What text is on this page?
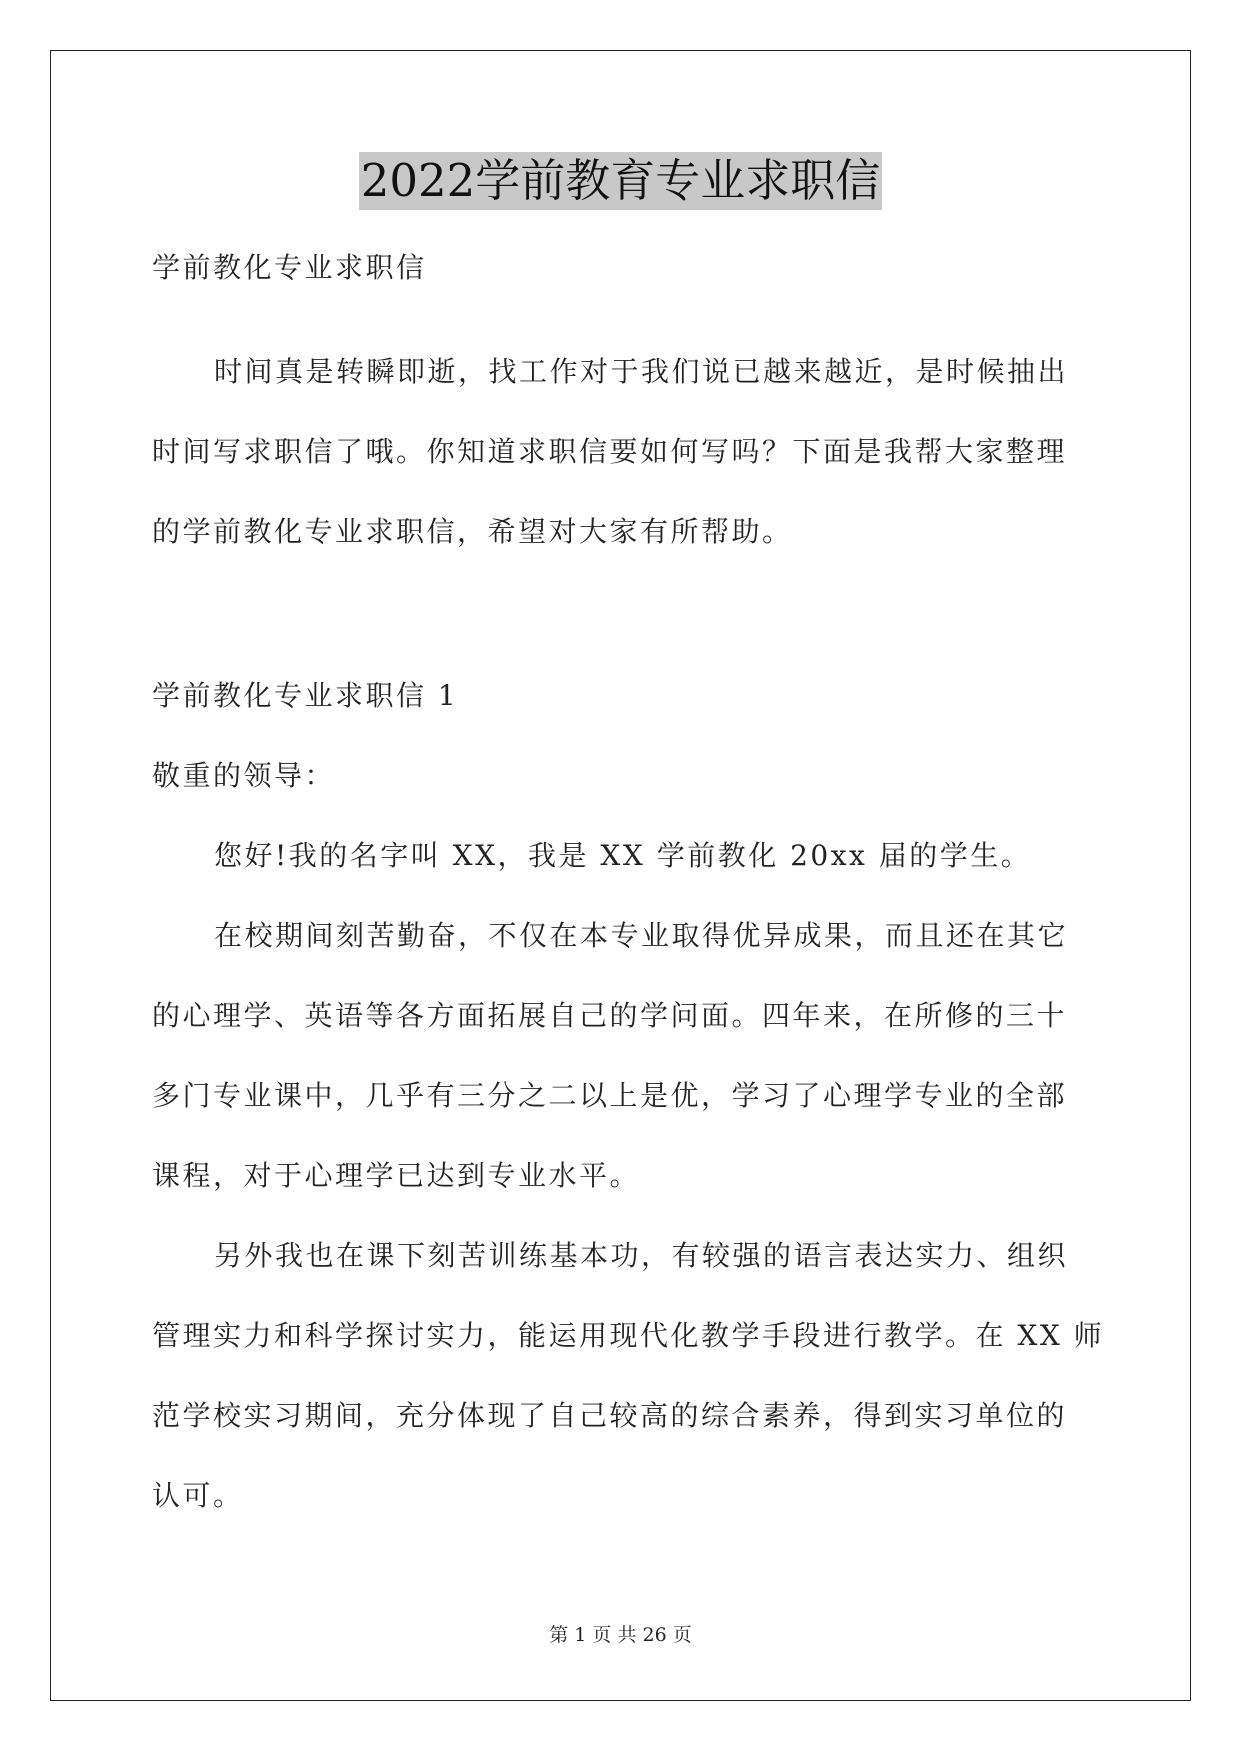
2022学前教育专业求职信
学前教化专业求职信
时间真是转瞬即逝，找工作对于我们说已越来越近，是时候抽出
时间写求职信了哦。你知道求职信要如何写吗？下面是我帮大家整理
的学前教化专业求职信，希望对大家有所帮助。
学前教化专业求职信 1
敬重的领导：
您好!我的名字叫 XX，我是 XX 学前教化 20xx 届的学生。
在校期间刻苦勤奋，不仅在本专业取得优异成果，而且还在其它
的心理学、英语等各方面拓展自己的学问面。四年来，在所修的三十
多门专业课中，几乎有三分之二以上是优，学习了心理学专业的全部
课程，对于心理学已达到专业水平。
另外我也在课下刻苦训练基本功，有较强的语言表达实力、组织
管理实力和科学探讨实力，能运用现代化教学手段进行教学。在 XX 师
范学校实习期间，充分体现了自己较高的综合素养，得到实习单位的
认可。
第 1 页 共 26 页
